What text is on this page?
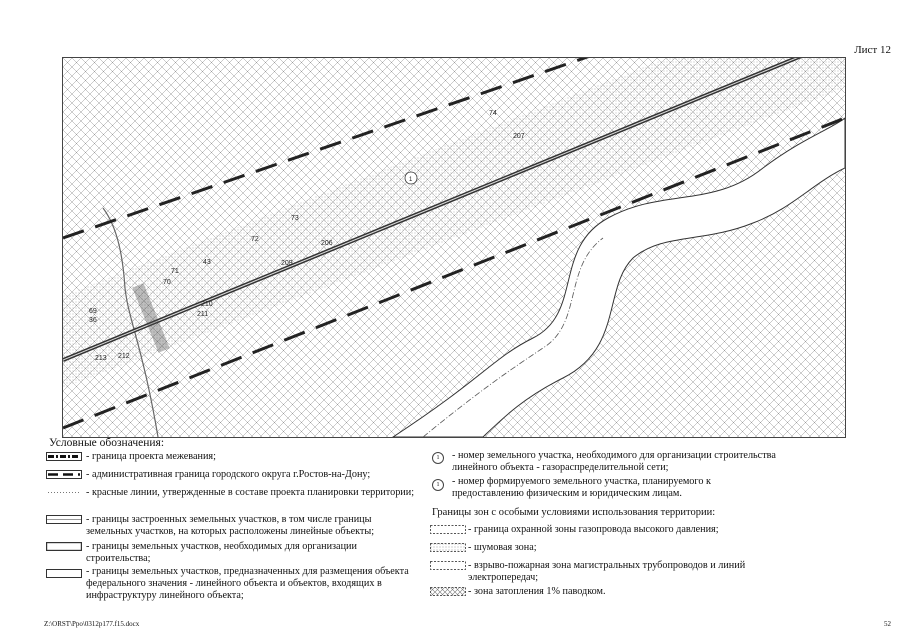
Лист 12
74
207
73
206
72
209
43
71
70
210
211
69
36
213 212
1
Условные обозначения:
- граница проекта межевания;
- административная граница городского округа г.Ростов-на-Дону;
- красные линии, утвержденные в составе проекта планировки территории;
- границы застроенных земельных участков, в том числе границы земельных участков, на которых расположены линейные объекты;
- границы земельных участков, необходимых для организации строительства;
- границы земельных участков, предназначенных для размещения объекта федерального значения - линейного объекта и объектов, входящих в инфраструктуру линейного объекта;
1	- номер земельного участка, необходимого для организации строительства линейного объекта - газораспределительной сети;
1	- номер формируемого земельного участка, планируемого к предоставлению физическим и юридическим лицам.
Границы зон с особыми условиями использования территории:
- граница охранной зоны газопровода высокого давления;
- шумовая зона;
- взрыво-пожарная зона магистральных трубопроводов и линий электропередач;
- зона затопления 1% паводком.
Z:\ORST\Ppo\0312p177.f15.docx	52
